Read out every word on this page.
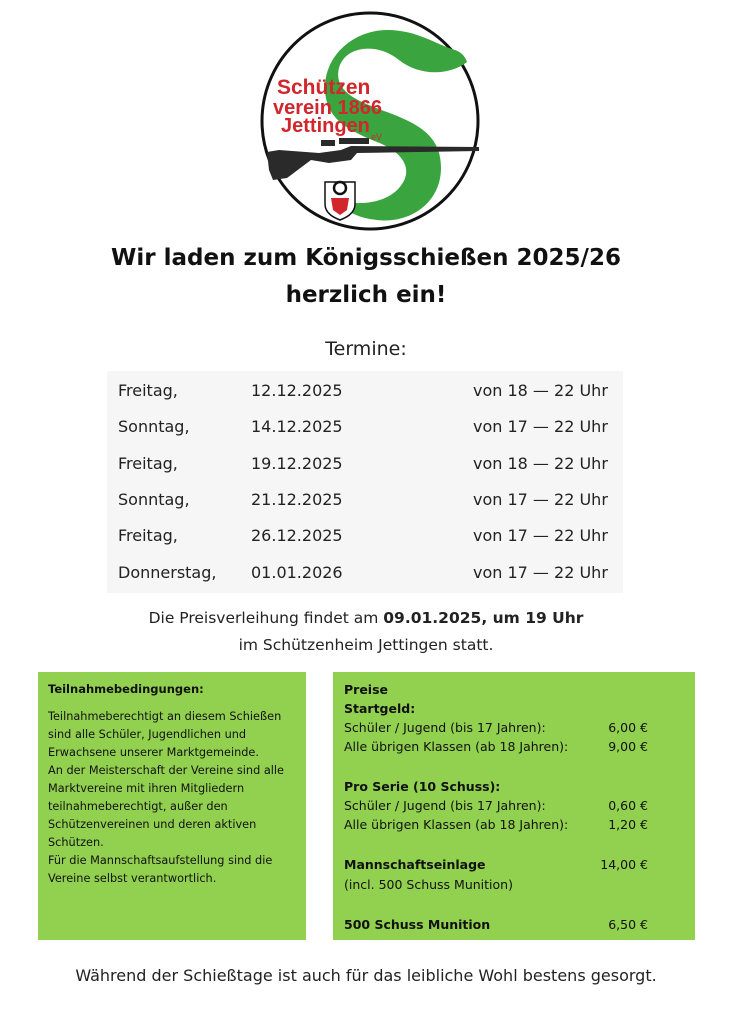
Schützen
verein 1866
Jettingen eV
Wir laden zum Königsschießen 2025/26
herzlich ein!
Termine:
Freitag,	12.12.2025	von 18 — 22 Uhr
Sonntag,	14.12.2025	von 17 — 22 Uhr
Freitag,	19.12.2025	von 18 — 22 Uhr
Sonntag,	21.12.2025	von 17 — 22 Uhr
Freitag,	26.12.2025	von 17 — 22 Uhr
Donnerstag, 01.01.2026	von 17 — 22 Uhr
Die Preisverleihung findet am 09.01.2025, um 19 Uhr
im Schützenheim Jettingen statt.
Teilnahmebedingungen:
Teilnahmeberechtigt an diesem Schießen
sind alle Schüler, Jugendlichen und
Erwachsene unserer Marktgemeinde.
An der Meisterschaft der Vereine sind alle
Marktvereine mit ihren Mitgliedern
teilnahmeberechtigt, außer den
Schützenvereinen und deren aktiven
Schützen.
Für die Mannschaftsaufstellung sind die
Vereine selbst verantwortlich.
Preise
Startgeld:
Schüler / Jugend (bis 17 Jahren):	6,00 €
Alle übrigen Klassen (ab 18 Jahren):	9,00 €
Pro Serie (10 Schuss):
Schüler / Jugend (bis 17 Jahren):	0,60 €
Alle übrigen Klassen (ab 18 Jahren):	1,20 €
Mannschaftseinlage	14,00 €
(incl. 500 Schuss Munition)
500 Schuss Munition	6,50 €
Während der Schießtage ist auch für das leibliche Wohl bestens gesorgt.
